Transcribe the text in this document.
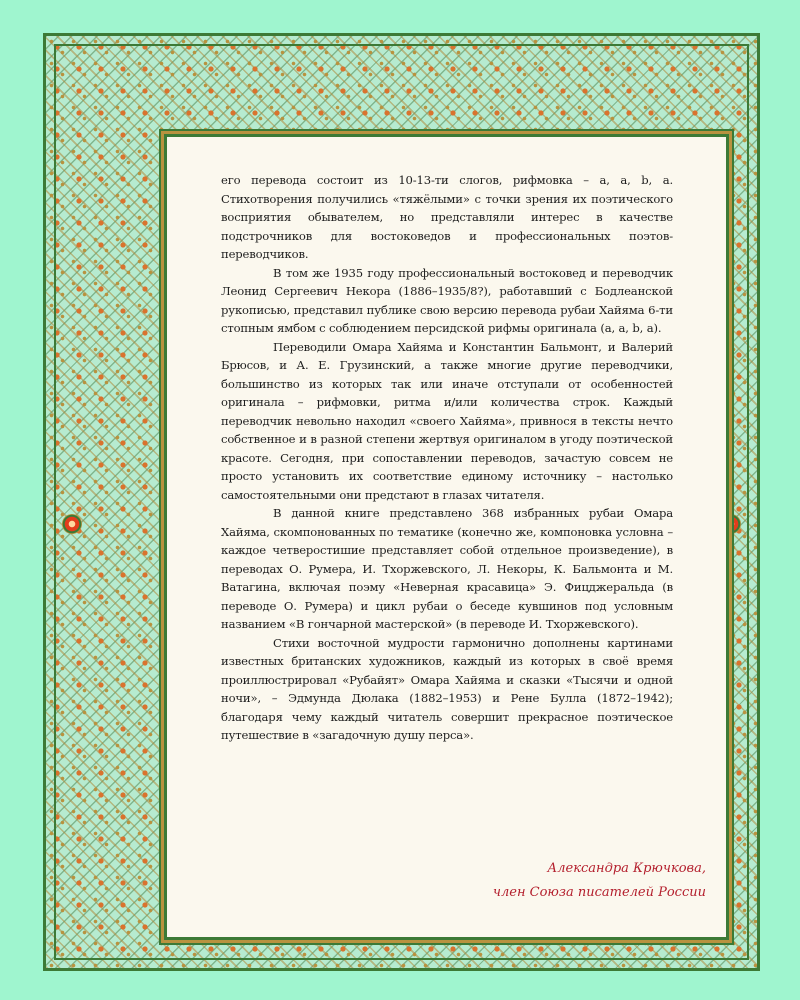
его перевода состоит из 10-13-ти слогов, рифмовка – а, а, b, а. Стихотворения получились «тяжёлыми» с точки зрения их поэтического восприятия обывателем, но представляли интерес в качестве подстрочников для востоковедов и профессиональных поэтов-переводчиков.

В том же 1935 году профессиональный востоковед и переводчик Леонид Сергеевич Некора (1886–1935/8?), работавший с Бодлеанской рукописью, представил публике свою версию перевода рубаи Хайяма 6-ти стопным ямбом с соблюдением персидской рифмы оригинала (а, а, b, а).

Переводили Омара Хайяма и Константин Бальмонт, и Валерий Брюсов, и А. Е. Грузинский, а также многие другие переводчики, большинство из которых так или иначе отступали от особенностей оригинала – рифмовки, ритма и/или количества строк. Каждый переводчик невольно находил «своего Хайяма», привнося в тексты нечто собственное и в разной степени жертвуя оригиналом в угоду поэтической красоте. Сегодня, при сопоставлении переводов, зачастую совсем не просто установить их соответствие единому источнику – настолько самостоятельными они предстают в глазах читателя.

В данной книге представлено 368 избранных рубаи Омара Хайяма, скомпонованных по тематике (конечно же, компоновка условна – каждое четверостишие представляет собой отдельное произведение), в переводах О. Румера, И. Тхоржевского, Л. Некоры, К. Бальмонта и М. Ватагина, включая поэму «Неверная красавица» Э. Фицджеральда (в переводе О. Румера) и цикл рубаи о беседе кувшинов под условным названием «В гончарной мастерской» (в переводе И. Тхоржевского).

Стихи восточной мудрости гармонично дополнены картинами известных британских художников, каждый из которых в своё время проиллюстрировал «Рубайят» Омара Хайяма и сказки «Тысячи и одной ночи», – Эдмунда Дюлака (1882–1953) и Рене Булла (1872–1942); благодаря чему каждый читатель совершит прекрасное поэтическое путешествие в «загадочную душу перса».

Александра Крючкова,
член Союза писателей России
